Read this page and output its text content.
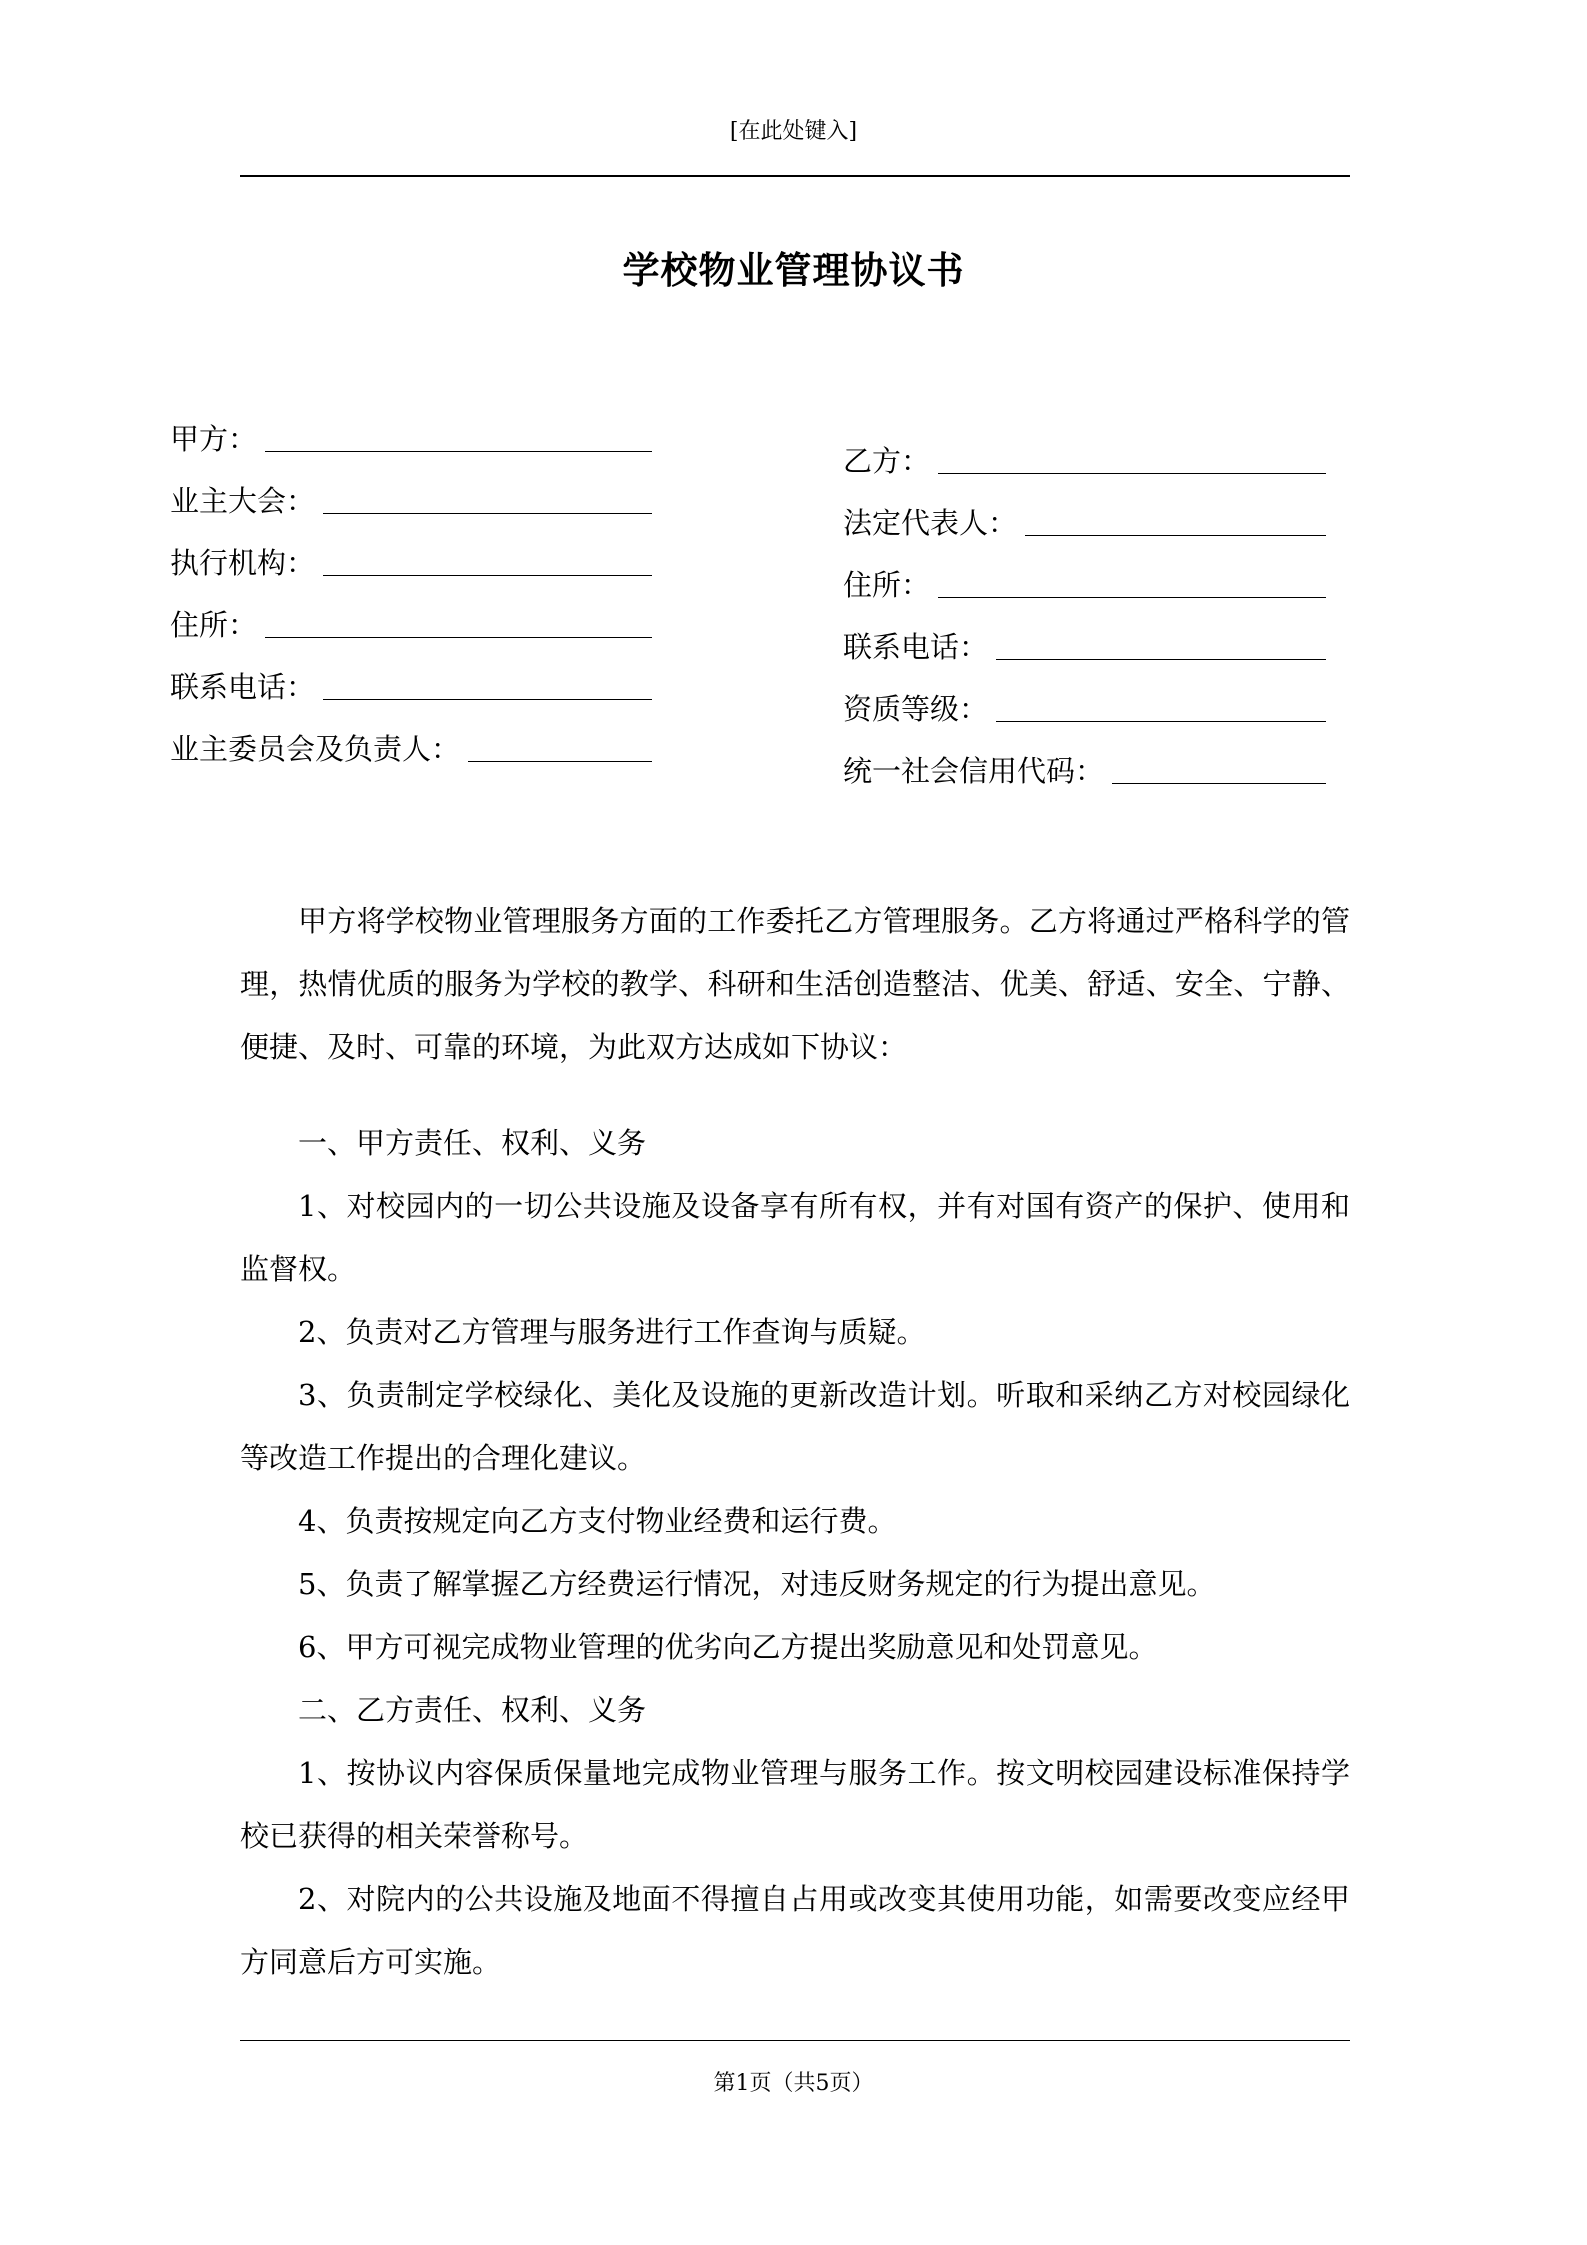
[在此处键入]
学校物业管理协议书
甲方：
业主大会：
执行机构：
住所：
联系电话：
业主委员会及负责人：
乙方：
法定代表人：
住所：
联系电话：
资质等级：
统一社会信用代码：

甲方将学校物业管理服务方面的工作委托乙方管理服务。乙方将通过严格科学的管理，热情优质的服务为学校的教学、科研和生活创造整洁、优美、舒适、安全、宁静、便捷、及时、可靠的环境，为此双方达成如下协议：

一、甲方责任、权利、义务

1、对校园内的一切公共设施及设备享有所有权，并有对国有资产的保护、使用和监督权。

2、负责对乙方管理与服务进行工作查询与质疑。

3、负责制定学校绿化、美化及设施的更新改造计划。听取和采纳乙方对校园绿化等改造工作提出的合理化建议。

4、负责按规定向乙方支付物业经费和运行费。

5、负责了解掌握乙方经费运行情况，对违反财务规定的行为提出意见。

6、甲方可视完成物业管理的优劣向乙方提出奖励意见和处罚意见。

二、乙方责任、权利、义务

1、按协议内容保质保量地完成物业管理与服务工作。按文明校园建设标准保持学校已获得的相关荣誉称号。

2、对院内的公共设施及地面不得擅自占用或改变其使用功能，如需要改变应经甲方同意后方可实施。

第1页（共5页）
